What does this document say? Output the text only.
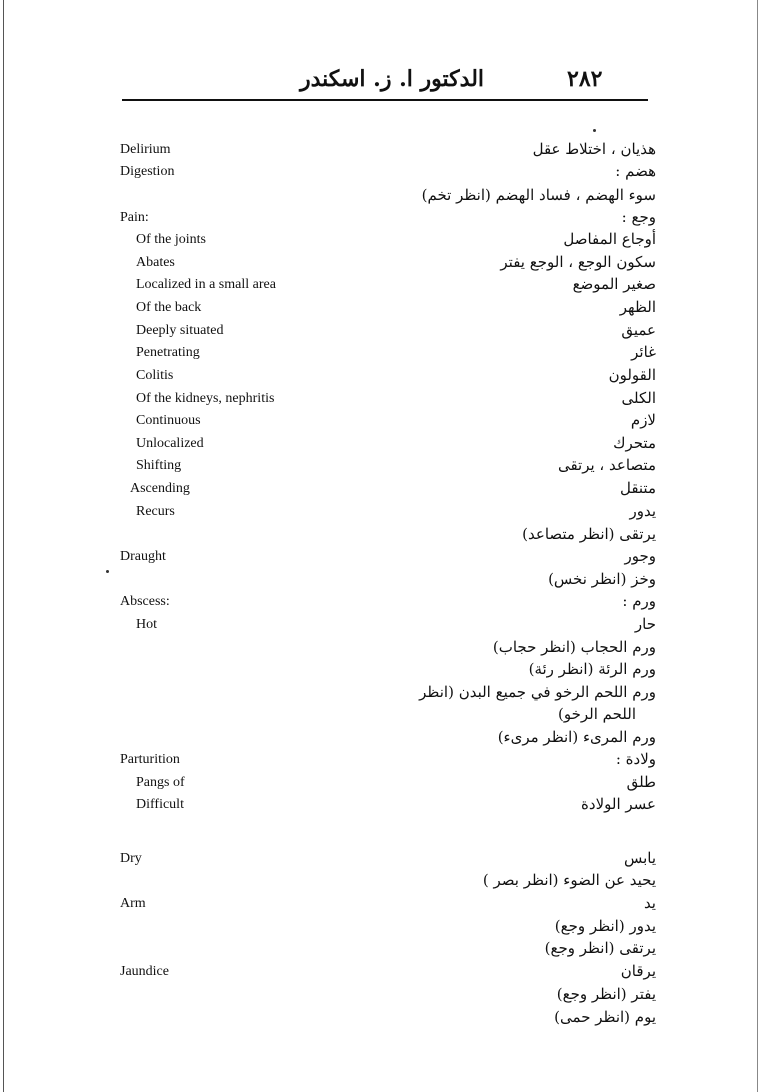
الدكتور ا. ز. اسكندر	٢٨٢
Delirium	هذيان ، اختلاط عقل
Digestion	هضم :
سوء الهضم ، فساد الهضم (انظر تخم)
Pain:	وجع :
Of the joints	أوجاع المفاصل
Abates	سكون الوجع ، الوجع يفتر
Localized in a small area	صغير الموضع
Of the back	الظهر
Deeply situated	عميق
Penetrating	غائر
Colitis	القولون
Of the kidneys, nephritis	الكلى
Continuous	لازم
Unlocalized	متحرك
Shifting	متصاعد ، يرتقى
Ascending	متنقل
Recurs	يدور
يرتقى (انظر متصاعد)
Draught	وجور
وخز (انظر نخس)
Abscess:	ورم :
Hot	حار
ورم الحجاب (انظر حجاب)
ورم الرئة (انظر رئة)
ورم اللحم الرخو في جميع البدن (انظر
اللحم الرخو)
ورم المرىء (انظر مرىء)
Parturition	ولادة :
Pangs of	طلق
Difficult	عسر الولادة
Dry	يابس
يحيد عن الضوء (انظر بصر )
Arm	يد
يدور (انظر وجع)
يرتقى (انظر وجع)
Jaundice	يرقان
يفتر (انظر وجع)
يوم (انظر حمى)
